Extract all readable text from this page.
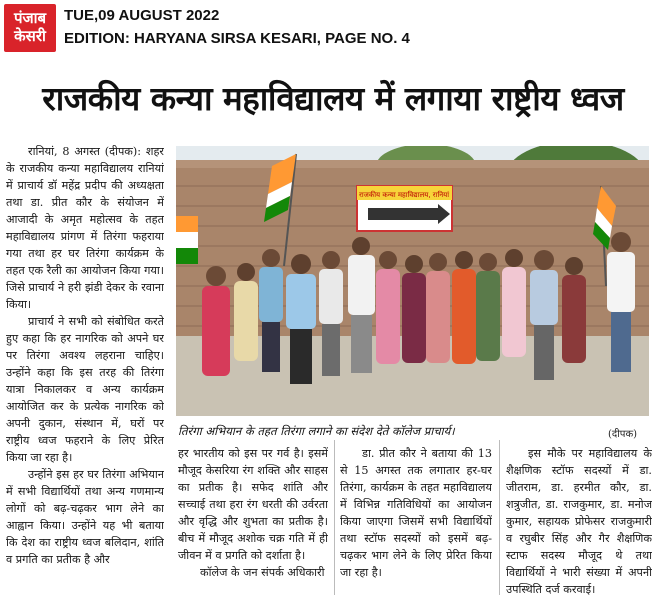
पंजाब
केसरी
TUE,09 AUGUST 2022
EDITION: HARYANA SIRSA KESARI, PAGE NO. 4
राजकीय कन्या महाविद्यालय में लगाया राष्ट्रीय ध्वज

रानियां, 8 अगस्त (दीपक): शहर के राजकीय कन्या महाविद्यालय रानियां में प्राचार्य डॉ महेंद्र प्रदीप की अध्यक्षता तथा डा. प्रीत कौर के संयोजन में आजादी के अमृत महोत्सव के तहत महाविद्यालय प्रांगण में तिरंगा फहराया गया तथा हर घर तिरंगा कार्यक्रम के तहत एक रैली का आयोजन किया गया। जिसे प्राचार्य ने हरी झंडी देकर के रवाना किया।

प्राचार्य ने सभी को संबोधित करते हुए कहा कि हर नागरिक को अपने घर पर तिरंगा अवश्य लहराना चाहिए। उन्होंने कहा कि इस तरह की तिरंगा यात्रा निकालकर व अन्य कार्यक्रम आयोजित कर के प्रत्येक नागरिक को अपनी दुकान, संस्थान में, घरों पर राष्ट्रीय ध्वज फहराने के लिए प्रेरित किया जा रहा है।

उन्होंने इस हर घर तिरंगा अभियान में सभी विद्यार्थियों तथा अन्य गणमान्य लोगों को बढ़-चढ़कर भाग लेने का आह्वान किया। उन्होंने यह भी बताया कि देश का राष्ट्रीय ध्वज बलिदान, शांति व प्रगति का प्रतीक है और

राजकीय कन्या महाविद्यालय, रानियां
तिरंगा अभियान के तहत तिरंगा लगाने का संदेश देते कॉलेज प्राचार्य।	(दीपक)

हर भारतीय को इस पर गर्व है। इसमें मौजूद केसरिया रंग शक्ति और साहस का प्रतीक है। सफेद शांति और सच्चाई तथा हरा रंग धरती की उर्वरता और वृद्धि और शुभता का प्रतीक है। बीच में मौजूद अशोक चक्र गति में ही जीवन में व प्रगति को दर्शाता है।

कॉलेज के जन संपर्क अधिकारी

डा. प्रीत कौर ने बताया की 13 से 15 अगस्त तक लगातार हर-घर तिरंगा, कार्यक्रम के तहत महाविद्यालय में विभिन्न गतिविधियों का आयोजन किया जाएगा जिसमें सभी विद्यार्थियों तथा स्टॉफ सदस्यों को इसमें बढ़-चढ़कर भाग लेने के लिए प्रेरित किया जा रहा है।

इस मौके पर महाविद्यालय के शैक्षणिक स्टॉफ सदस्यों में डा. जीतराम, डा. हरमीत कौर, डा. शत्रुजीत, डा. राजकुमार, डा. मनोज कुमार, सहायक प्रोफेसर राजकुमारी व रघुबीर सिंह और गैर शैक्षणिक स्टाफ सदस्य मौजूद थे तथा विद्यार्थियों ने भारी संख्या में अपनी उपस्थिति दर्ज करवाई।
